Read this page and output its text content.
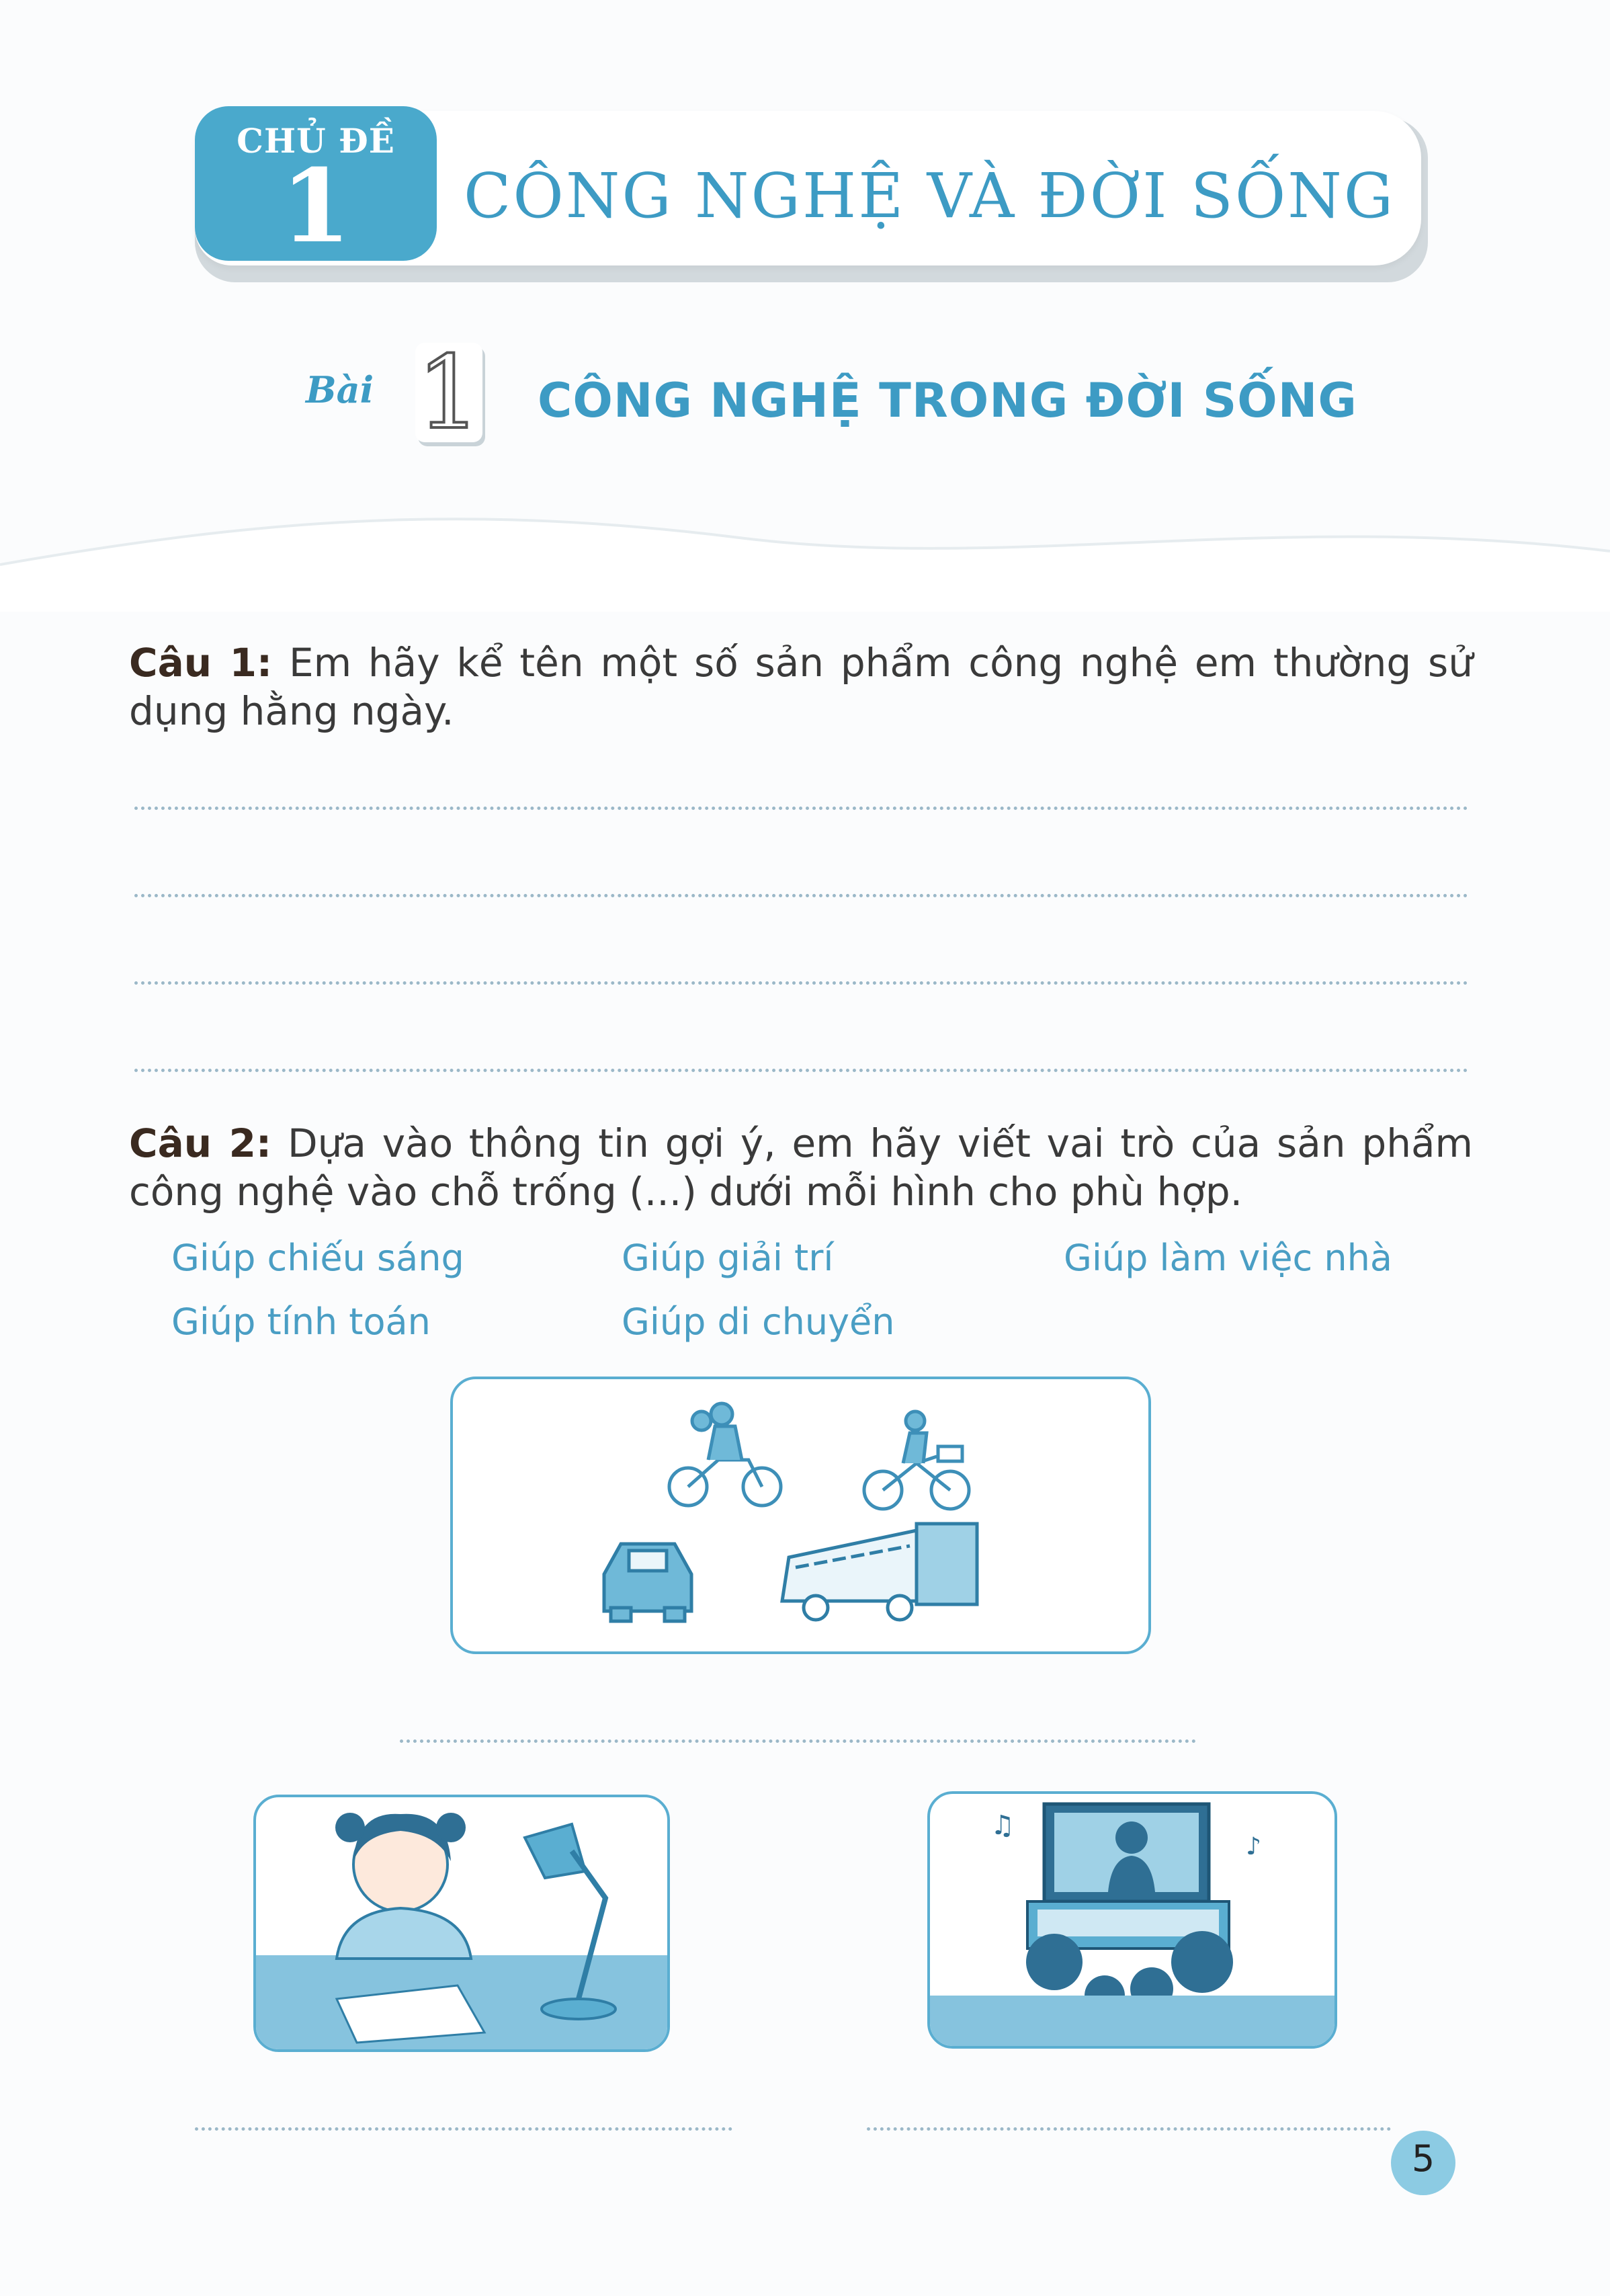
CHỦ ĐỀ
1	CÔNG NGHỆ VÀ ĐỜI SỐNG
Bài 1 CÔNG NGHỆ TRONG ĐỜI SỐNG
Câu 1: Em hãy kể tên một số sản phẩm công nghệ em thường sử dụng hằng ngày.
Câu 2: Dựa vào thông tin gợi ý, em hãy viết vai trò của sản phẩm công nghệ vào chỗ trống (...) dưới mỗi hình cho phù hợp.
Giúp chiếu sáng	Giúp giải trí	Giúp làm việc nhà
Giúp tính toán	Giúp di chuyển
♫
♪
5
